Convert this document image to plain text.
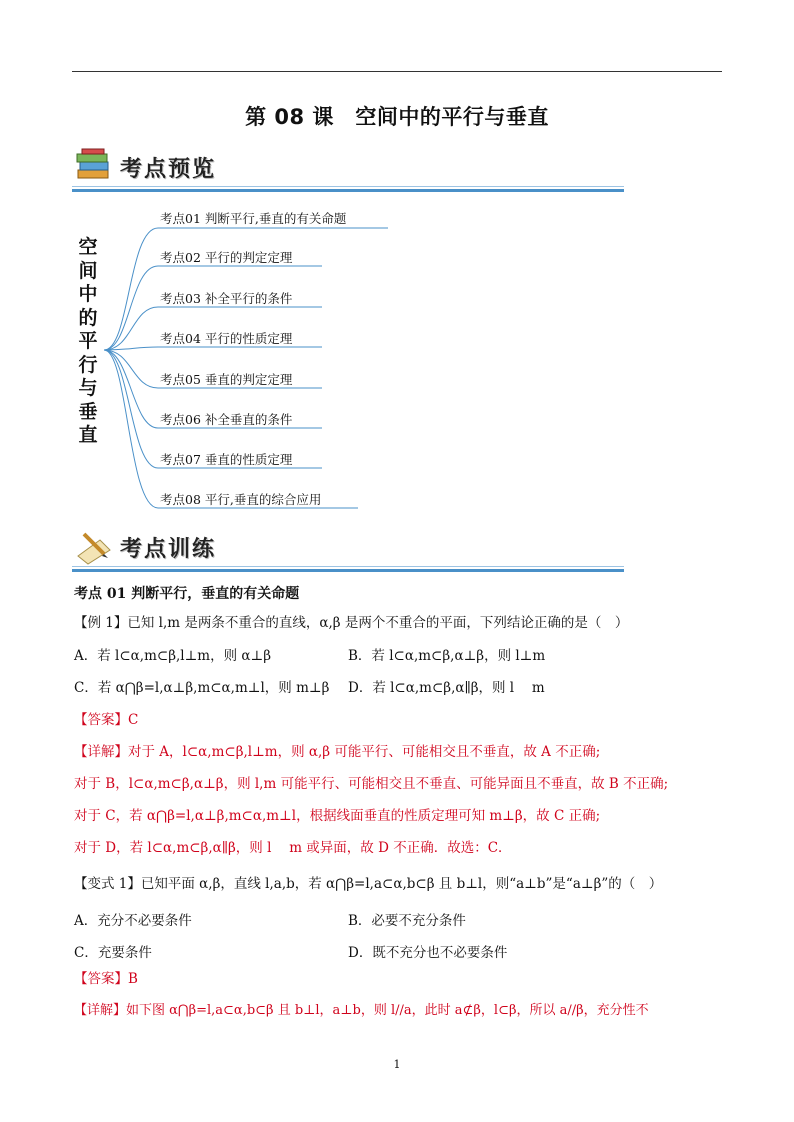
第 08 课　空间中的平行与垂直
考点预览
空
间
中
的
平
行
与
垂
直
考点01 判断平行,垂直的有关命题
考点02 平行的判定定理
考点03 补全平行的条件
考点04 平行的性质定理
考点05 垂直的判定定理
考点06 补全垂直的条件
考点07 垂直的性质定理
考点08 平行,垂直的综合应用
考点训练
考点 01 判断平行，垂直的有关命题
【例 1】已知 l,m 是两条不重合的直线，α,β 是两个不重合的平面，下列结论正确的是（　）
A．若 l⊂α,m⊂β,l⊥m，则 α⊥β	B．若 l⊂α,m⊂β,α⊥β，则 l⊥m
C．若 α⋂β=l,α⊥β,m⊂α,m⊥l，则 m⊥β D．若 l⊂α,m⊂β,α∥β，则 l　 m
【答案】C
【详解】对于 A，l⊂α,m⊂β,l⊥m，则 α,β 可能平行、可能相交且不垂直，故 A 不正确;
对于 B，l⊂α,m⊂β,α⊥β，则 l,m 可能平行、可能相交且不垂直、可能异面且不垂直，故 B 不正确;
对于 C，若 α⋂β=l,α⊥β,m⊂α,m⊥l，根据线面垂直的性质定理可知 m⊥β，故 C 正确;
对于 D，若 l⊂α,m⊂β,α∥β，则 l　 m 或异面，故 D 不正确．故选：C．
【变式 1】已知平面 α,β，直线 l,a,b，若 α⋂β=l,a⊂α,b⊂β 且 b⊥l，则“a⊥b”是“a⊥β”的（　）
A．充分不必要条件	B．必要不充分条件
C．充要条件	D．既不充分也不必要条件
【答案】B
【详解】如下图 α⋂β=l,a⊂α,b⊂β 且 b⊥l，a⊥b，则 l//a，此时 a⊄β，l⊂β，所以 a//β，充分性不
1
